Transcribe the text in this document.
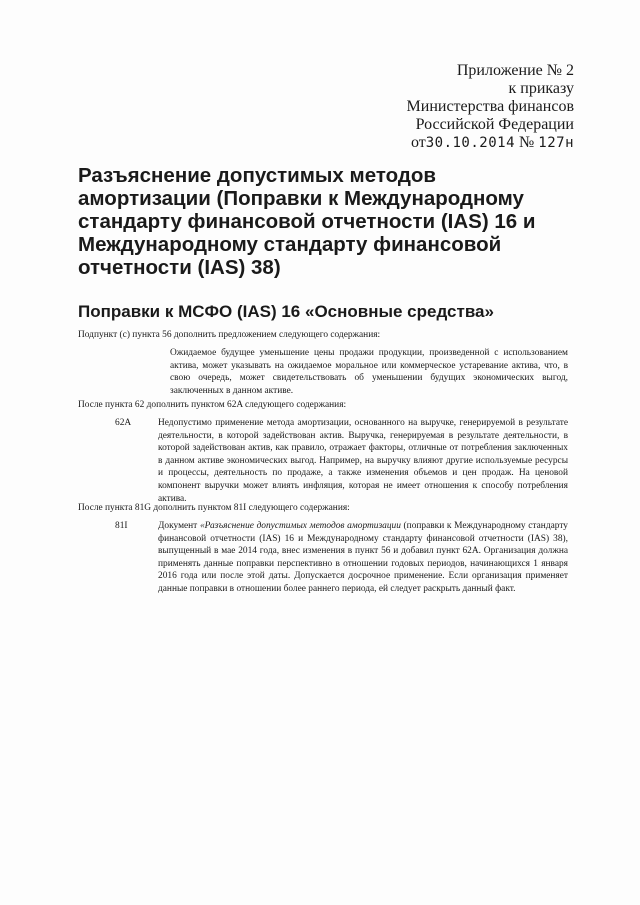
Приложение № 2
к приказу
Министерства финансов
Российской Федерации
от30.10.2014 № 127н
Разъяснение допустимых методов амортизации (Поправки к Международному стандарту финансовой отчетности (IAS) 16 и Международному стандарту финансовой отчетности (IAS) 38)
Поправки к МСФО (IAS) 16 «Основные средства»
Подпункт (c) пункта 56 дополнить предложением следующего содержания:
Ожидаемое будущее уменьшение цены продажи продукции, произведенной с использованием актива, может указывать на ожидаемое моральное или коммерческое устаревание актива, что, в свою очередь, может свидетельствовать об уменьшении будущих экономических выгод, заключенных в данном активе.
После пункта 62 дополнить пунктом 62A следующего содержания:
62A	Недопустимо применение метода амортизации, основанного на выручке, генерируемой в результате деятельности, в которой задействован актив. Выручка, генерируемая в результате деятельности, в которой задействован актив, как правило, отражает факторы, отличные от потребления заключенных в данном активе экономических выгод. Например, на выручку влияют другие используемые ресурсы и процессы, деятельность по продаже, а также изменения объемов и цен продаж. На ценовой компонент выручки может влиять инфляция, которая не имеет отношения к способу потребления актива.
После пункта 81G дополнить пунктом 81I следующего содержания:
81I	Документ «Разъяснение допустимых методов амортизации (поправки к Международному стандарту финансовой отчетности (IAS) 16 и Международному стандарту финансовой отчетности (IAS) 38), выпущенный в мае 2014 года, внес изменения в пункт 56 и добавил пункт 62A. Организация должна применять данные поправки перспективно в отношении годовых периодов, начинающихся 1 января 2016 года или после этой даты. Допускается досрочное применение. Если организация применяет данные поправки в отношении более раннего периода, ей следует раскрыть данный факт.
